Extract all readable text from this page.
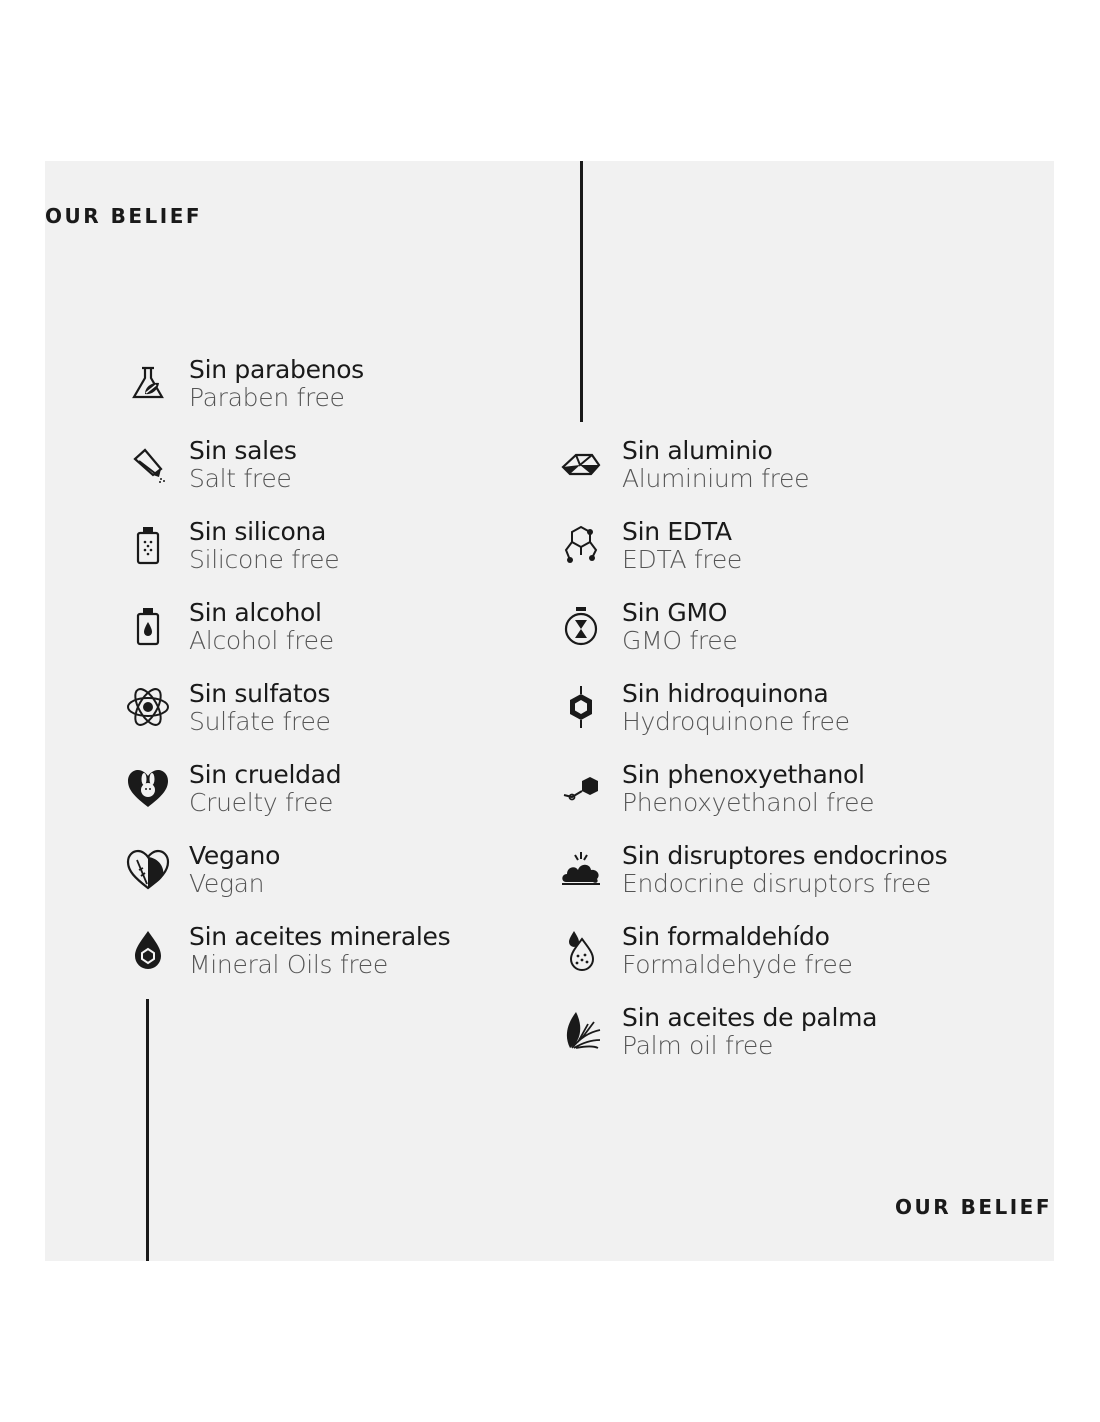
OUR BELIEF
OUR BELIEF
Sin parabenos
Paraben free
Sin sales
Salt free
Sin silicona
Silicone free
Sin alcohol
Alcohol free
Sin sulfatos
Sulfate free
Sin crueldad
Cruelty free
Vegano
Vegan
Sin aceites minerales
Mineral Oils free
Sin aluminio
Aluminium free
Sin EDTA
EDTA free
Sin GMO
GMO free
Sin hidroquinona
Hydroquinone free
Sin phenoxyethanol
Phenoxyethanol free
Sin disruptores endocrinos
Endocrine disruptors free
Sin formaldehído
Formaldehyde free
Sin aceites de palma
Palm oil free
